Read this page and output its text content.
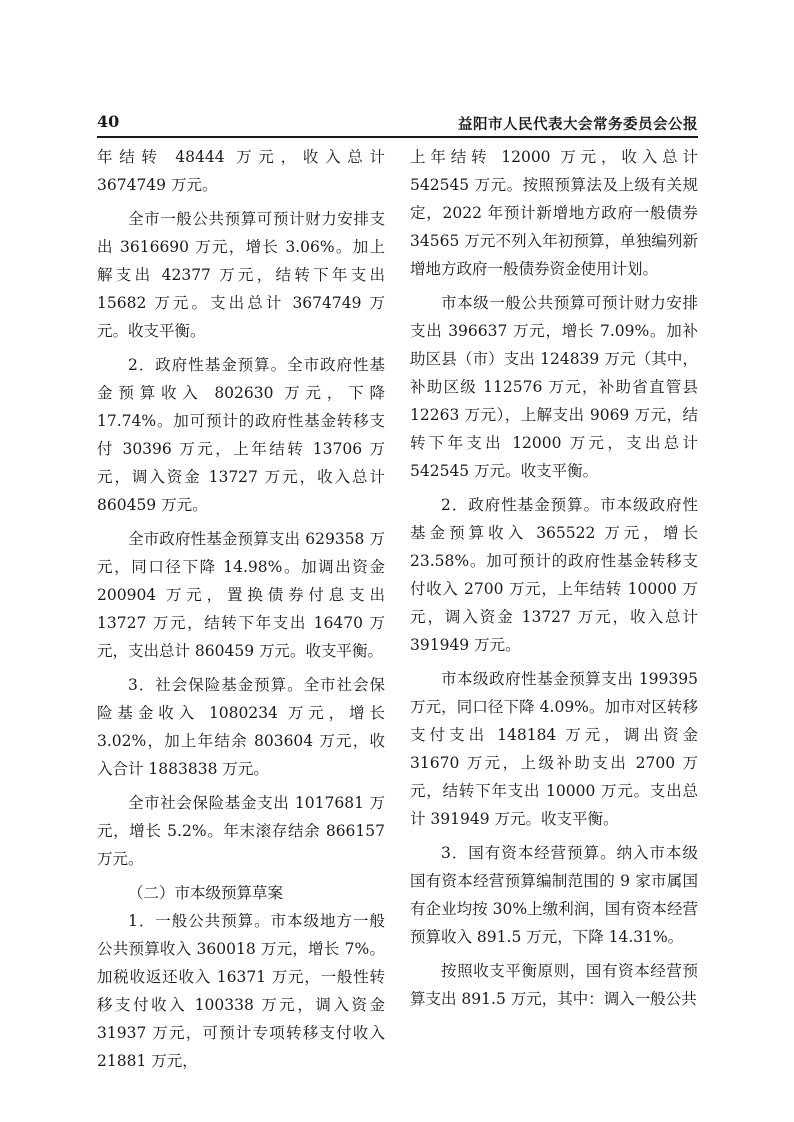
40	益阳市人民代表大会常务委员会公报

年结转 48444 万元，收入总计 3674749 万元。

全市一般公共预算可预计财力安排支出 3616690 万元，增长 3.06%。加上解支出 42377 万元，结转下年支出 15682 万元。支出总计 3674749 万元。收支平衡。

2．政府性基金预算。全市政府性基金预算收入 802630 万元，下降 17.74%。加可预计的政府性基金转移支付 30396 万元，上年结转 13706 万元，调入资金 13727 万元，收入总计 860459 万元。

全市政府性基金预算支出 629358 万元，同口径下降 14.98%。加调出资金 200904 万元，置换债券付息支出 13727 万元，结转下年支出 16470 万元，支出总计 860459 万元。收支平衡。

3．社会保险基金预算。全市社会保险基金收入 1080234 万元，增长 3.02%，加上年结余 803604 万元，收入合计 1883838 万元。

全市社会保险基金支出 1017681 万元，增长 5.2%。年末滚存结余 866157 万元。

（二）市本级预算草案

1．一般公共预算。市本级地方一般公共预算收入 360018 万元，增长 7%。加税收返还收入 16371 万元，一般性转移支付收入 100338 万元，调入资金 31937 万元，可预计专项转移支付收入 21881 万元，

上年结转 12000 万元，收入总计 542545 万元。按照预算法及上级有关规定，2022 年预计新增地方政府一般债券 34565 万元不列入年初预算，单独编列新增地方政府一般债券资金使用计划。

市本级一般公共预算可预计财力安排支出 396637 万元，增长 7.09%。加补助区县（市）支出 124839 万元（其中，补助区级 112576 万元，补助省直管县 12263 万元），上解支出 9069 万元，结转下年支出 12000 万元，支出总计 542545 万元。收支平衡。

2．政府性基金预算。市本级政府性基金预算收入 365522 万元，增长 23.58%。加可预计的政府性基金转移支付收入 2700 万元，上年结转 10000 万元，调入资金 13727 万元，收入总计 391949 万元。

市本级政府性基金预算支出 199395 万元，同口径下降 4.09%。加市对区转移支付支出 148184 万元，调出资金 31670 万元，上级补助支出 2700 万元，结转下年支出 10000 万元。支出总计 391949 万元。收支平衡。

3．国有资本经营预算。纳入市本级国有资本经营预算编制范围的 9 家市属国有企业均按 30%上缴利润，国有资本经营预算收入 891.5 万元，下降 14.31%。

按照收支平衡原则，国有资本经营预算支出 891.5 万元，其中：调入一般公共
